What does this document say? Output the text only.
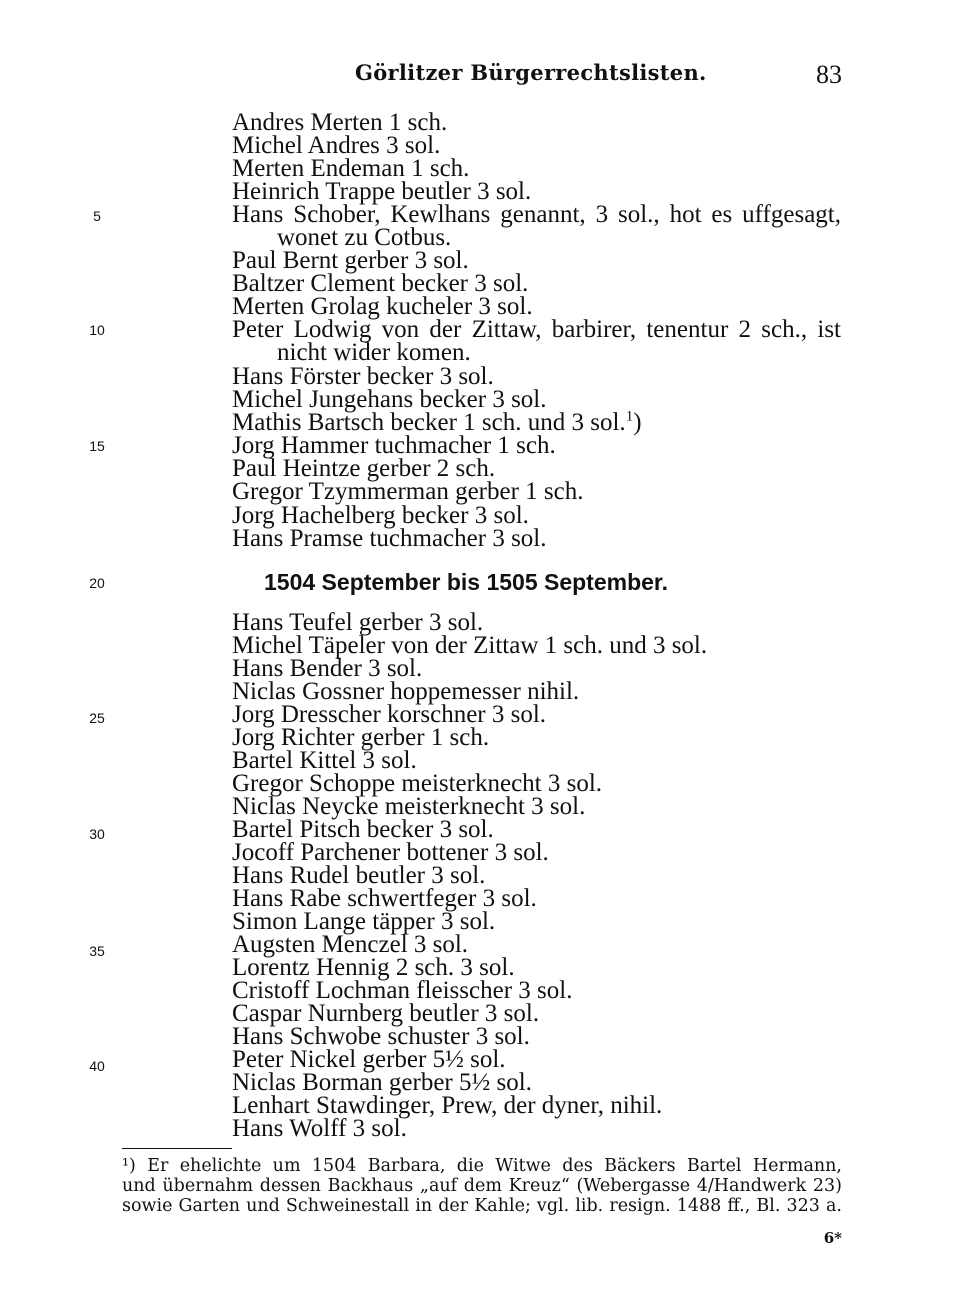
Görlitzer Bürgerrechtslisten.	83
5
10
15
20
25
30
35
40
Andres Merten 1 sch.
Michel Andres 3 sol.
Merten Endeman 1 sch.
Heinrich Trappe beutler 3 sol.
Hans Schober, Kewlhans genannt, 3 sol., hot es uffgesagt,
wonet zu Cotbus.
Paul Bernt gerber 3 sol.
Baltzer Clement becker 3 sol.
Merten Grolag kucheler 3 sol.
Peter Lodwig von der Zittaw, barbirer, tenentur 2 sch., ist
nicht wider komen.
Hans Förster becker 3 sol.
Michel Jungehans becker 3 sol.
Mathis Bartsch becker 1 sch. und 3 sol.$^1$)
Jorg Hammer tuchmacher 1 sch.
Paul Heintze gerber 2 sch.
Gregor Tzymmerman gerber 1 sch.
Jorg Hachelberg becker 3 sol.
Hans Pramse tuchmacher 3 sol.
1504 September bis 1505 September.
Hans Teufel gerber 3 sol.
Michel Täpeler von der Zittaw 1 sch. und 3 sol.
Hans Bender 3 sol.
Niclas Gossner hoppemesser nihil.
Jorg Dresscher korschner 3 sol.
Jorg Richter gerber 1 sch.
Bartel Kittel 3 sol.
Gregor Schoppe meisterknecht 3 sol.
Niclas Neycke meisterknecht 3 sol.
Bartel Pitsch becker 3 sol.
Jocoff Parchener bottener 3 sol.
Hans Rudel beutler 3 sol.
Hans Rabe schwertfeger 3 sol.
Simon Lange täpper 3 sol.
Augsten Menczel 3 sol.
Lorentz Hennig 2 sch. 3 sol.
Cristoff Lochman fleisscher 3 sol.
Caspar Nurnberg beutler 3 sol.
Hans Schwobe schuster 3 sol.
Peter Nickel gerber 5½ sol.
Niclas Borman gerber 5½ sol.
Lenhart Stawdinger, Prew, der dyner, nihil.
Hans Wolff 3 sol.
¹) Er ehelichte um 1504 Barbara, die Witwe des Bäckers Bartel Hermann,
und übernahm dessen Backhaus „auf dem Kreuz“ (Webergasse 4/Handwerk 23)
sowie Garten und Schweinestall in der Kahle; vgl. lib. resign. 1488 ff., Bl. 323 a.
6*
